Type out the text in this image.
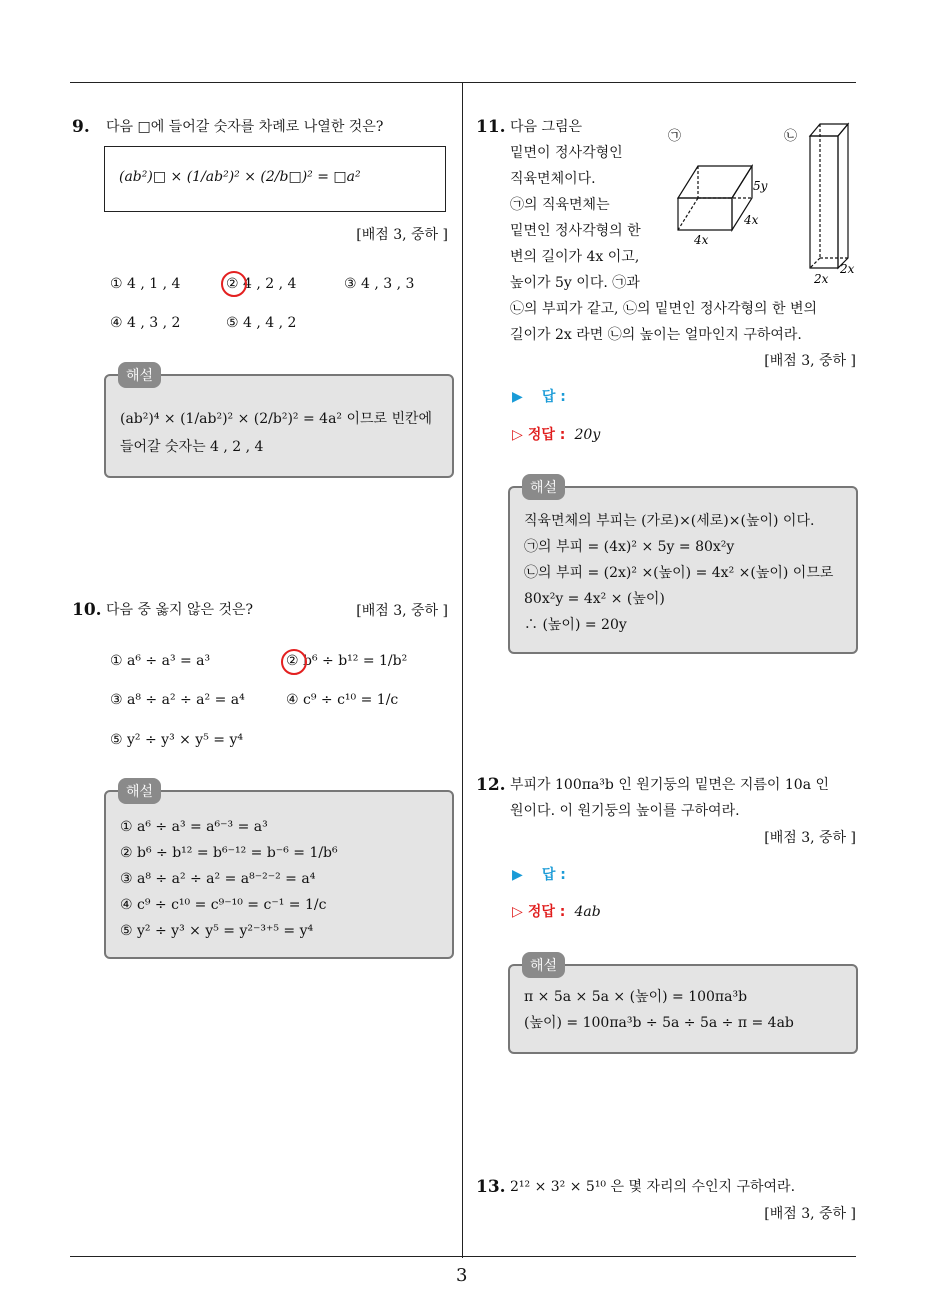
9. 다음 □에 들어갈 숫자를 차례로 나열한 것은?
(ab²)□ × (1/ab²)² × (2/b□)² = □a²
[배점 3, 중하 ]
① 4 , 1 , 4	② 4 , 2 , 4	③ 4 , 3 , 3
④ 4 , 3 , 2	⑤ 4 , 4 , 2
(ab²)⁴ × (1/ab²)² × (2/b²)² = 4a² 이므로 빈칸에
들어갈 숫자는 4 , 2 , 4
해설
10. 다음 중 옳지 않은 것은?	[배점 3, 중하 ]
① a⁶ ÷ a³ = a³	② b⁶ ÷ b¹² = 1/b²
③ a⁸ ÷ a² ÷ a² = a⁴	④ c⁹ ÷ c¹⁰ = 1/c
⑤ y² ÷ y³ × y⁵ = y⁴
① a⁶ ÷ a³ = a⁶⁻³ = a³
② b⁶ ÷ b¹² = b⁶⁻¹² = b⁻⁶ = 1/b⁶
③ a⁸ ÷ a² ÷ a² = a⁸⁻²⁻² = a⁴
④ c⁹ ÷ c¹⁰ = c⁹⁻¹⁰ = c⁻¹ = 1/c
⑤ y² ÷ y³ × y⁵ = y²⁻³⁺⁵ = y⁴
해설
11. 다음 그림은
밑면이 정사각형인
직육면체이다.
㉠의 직육면체는
밑면인 정사각형의 한
변의 길이가 4x 이고,
높이가 5y 이다. ㉠과
㉡의 부피가 같고, ㉡의 밑면인 정사각형의 한 변의
길이가 2x 라면 ㉡의 높이는 얼마인지 구하여라.
㉠	㉡
5y
4x
4x
2x
2x
[배점 3, 중하 ]
▶ 답 :
▷ 정답 : 20y
직육면체의 부피는 (가로)×(세로)×(높이) 이다.
㉠의 부피 = (4x)² × 5y = 80x²y
㉡의 부피 = (2x)² ×(높이) = 4x² ×(높이) 이므로
80x²y = 4x² × (높이)
∴ (높이) = 20y
해설
12. 부피가 100πa³b 인 원기둥의 밑면은 지름이 10a 인
원이다. 이 원기둥의 높이를 구하여라.
[배점 3, 중하 ]
▶ 답 :
▷ 정답 : 4ab
π × 5a × 5a × (높이) = 100πa³b
(높이) = 100πa³b ÷ 5a ÷ 5a ÷ π = 4ab
해설
13. 2¹² × 3² × 5¹⁰ 은 몇 자리의 수인지 구하여라.
[배점 3, 중하 ]
3
